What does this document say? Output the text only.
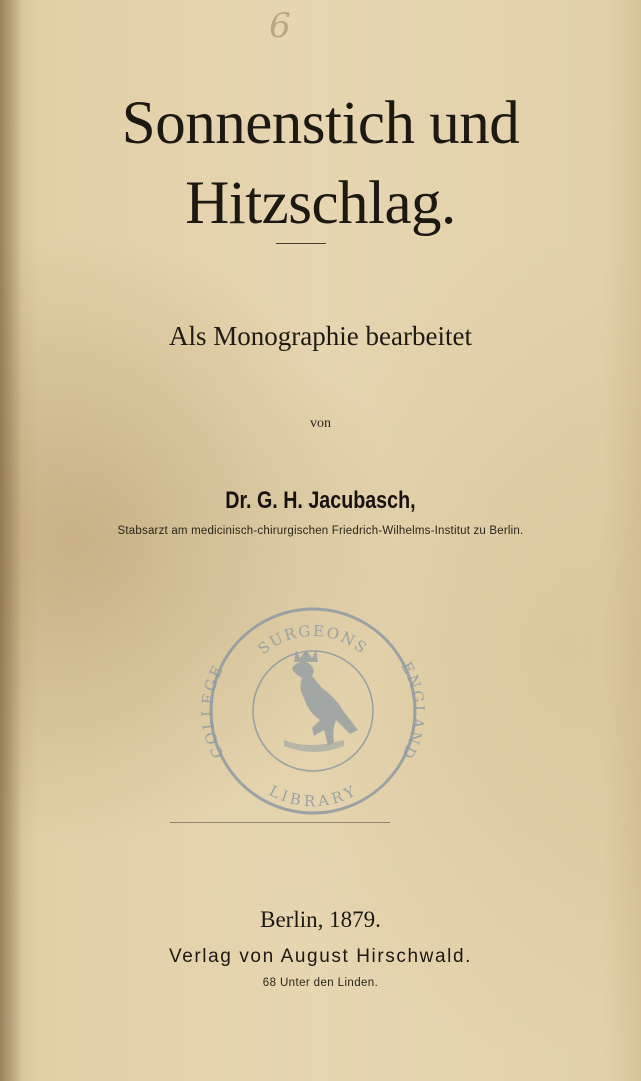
6
Sonnenstich und Hitzschlag.
Als Monographie bearbeitet
von
Dr. G. H. Jacubasch,
Stabsarzt am medicinisch-chirurgischen Friedrich-Wilhelms-Institut zu Berlin.
SURGEONS
LIBRARY
COLLEGE	ENGLAND
Berlin, 1879.
Verlag von August Hirschwald.
68 Unter den Linden.
